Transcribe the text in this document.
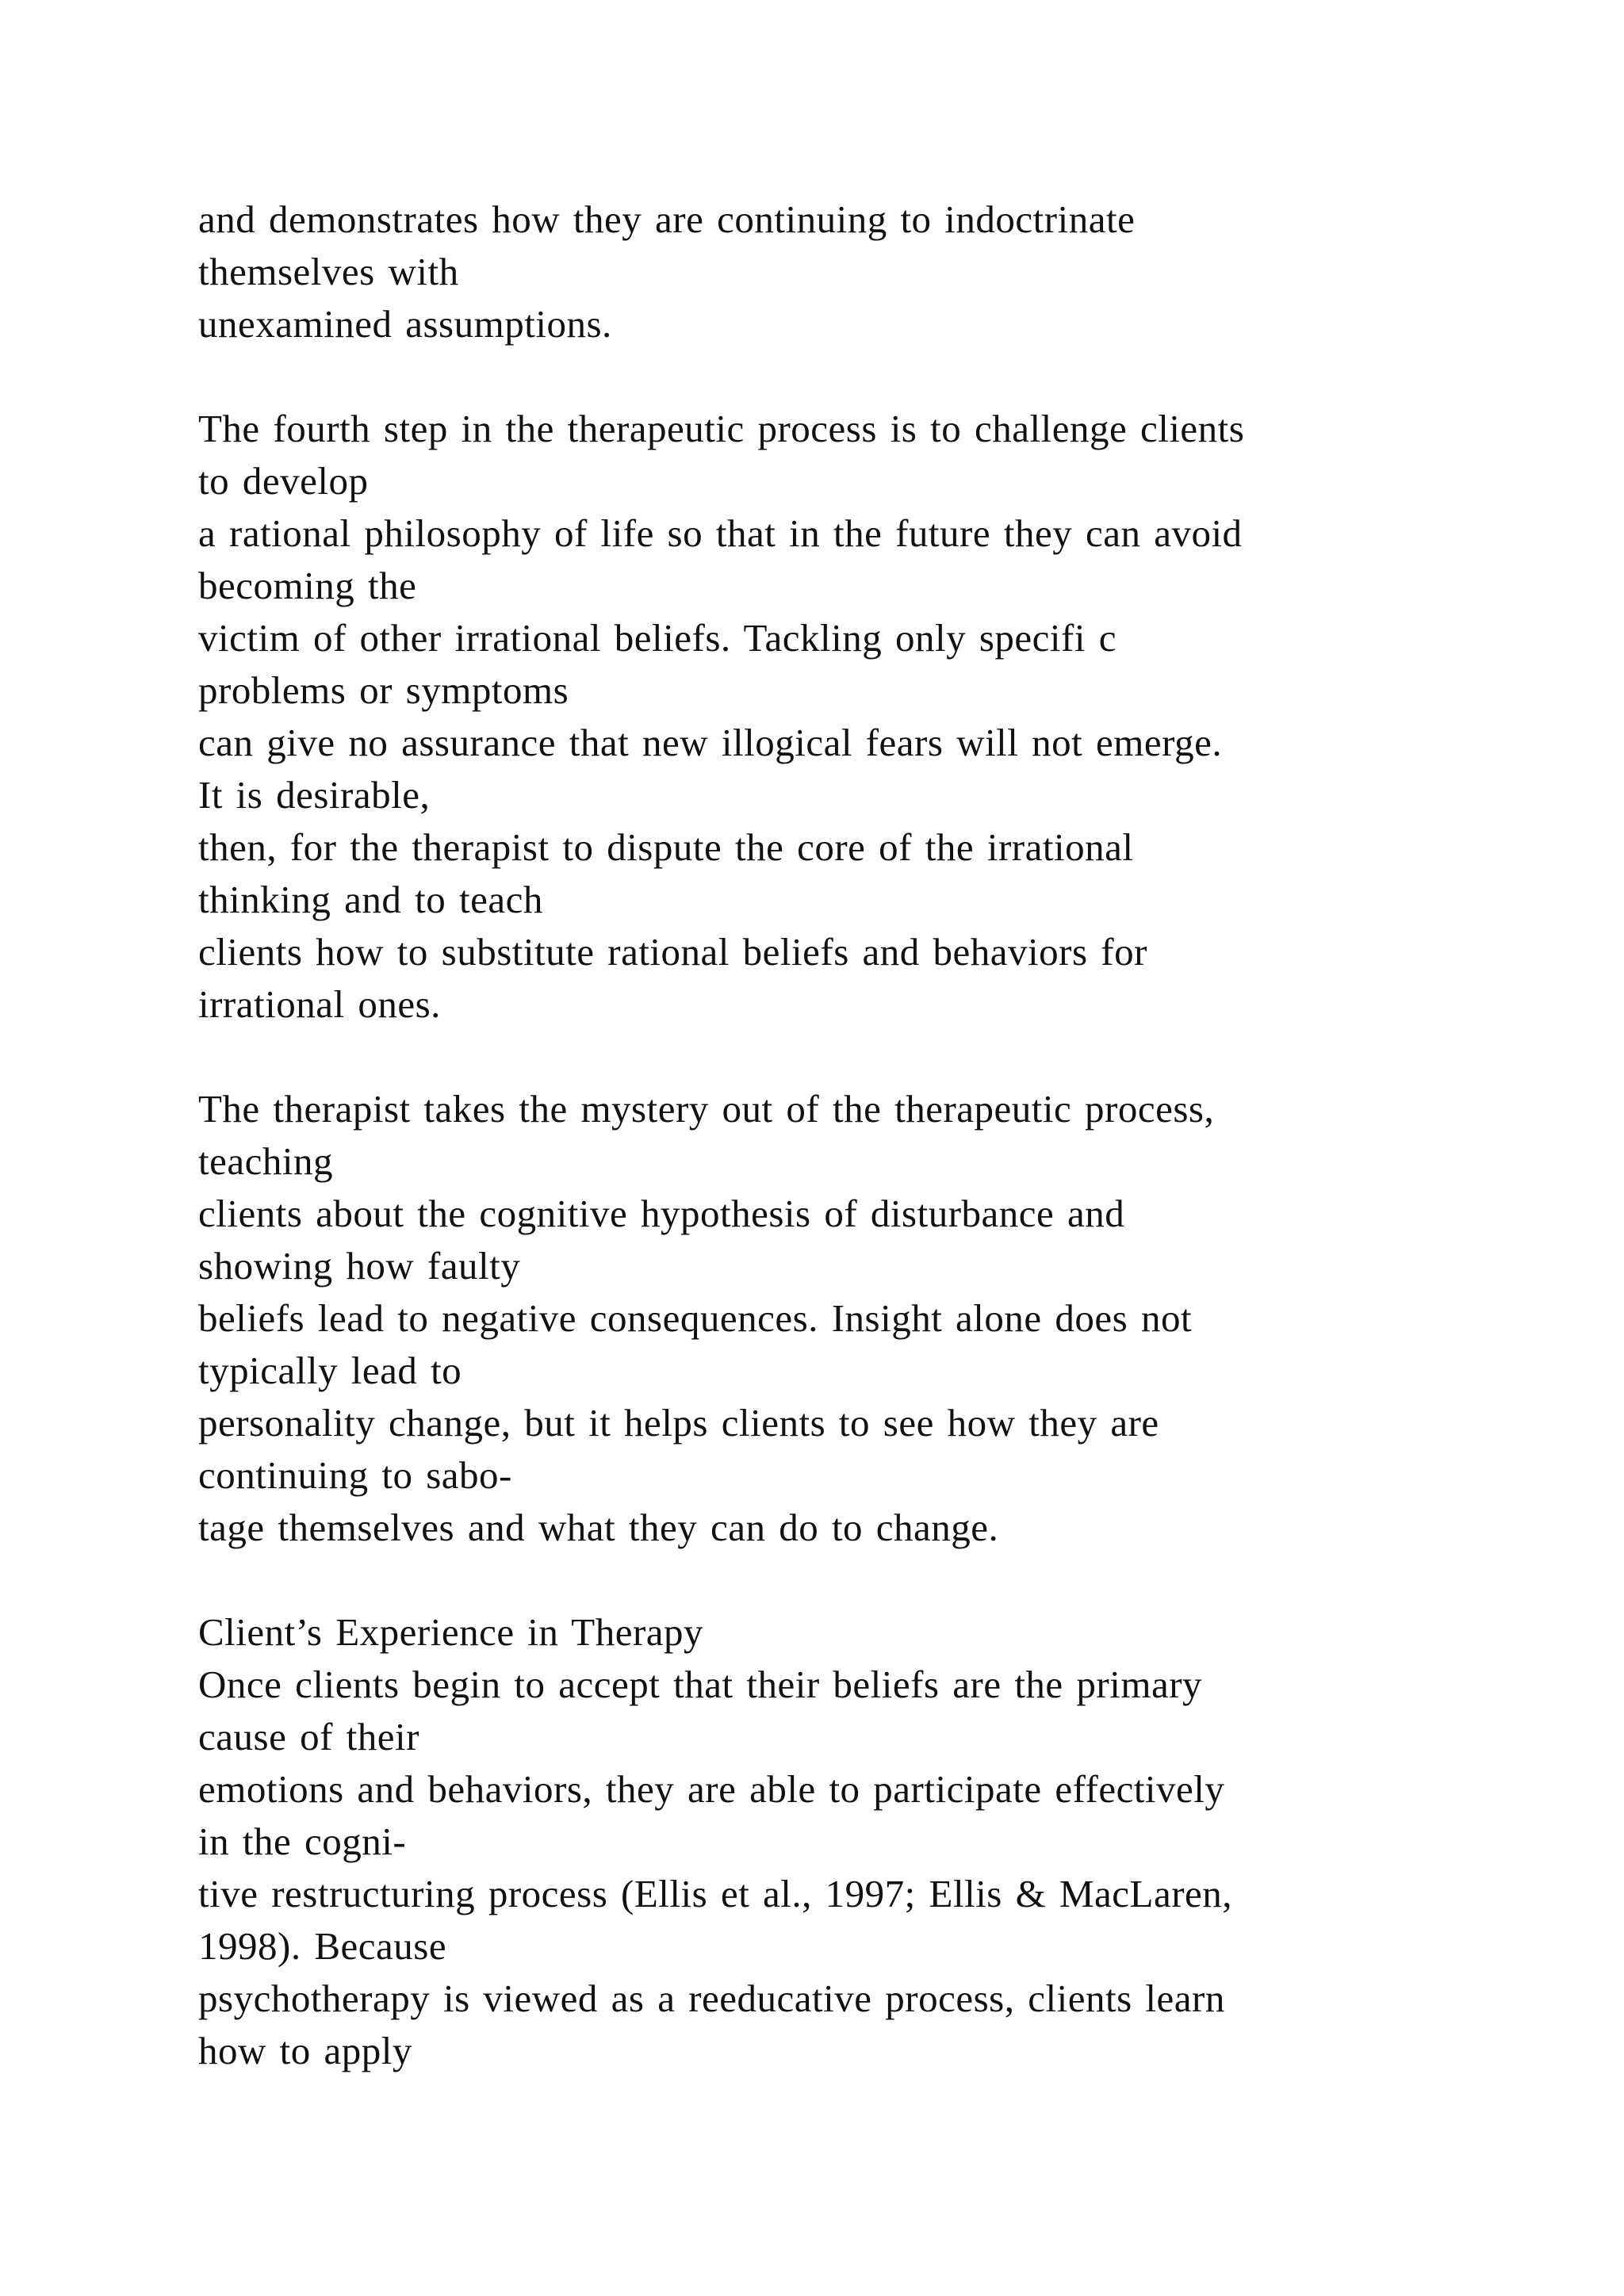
and demonstrates how they are continuing to indoctrinate
themselves with
unexamined assumptions.
The fourth step in the therapeutic process is to challenge clients
to develop
a rational philosophy of life so that in the future they can avoid
becoming the
victim of other irrational beliefs. Tackling only specifi c
problems or symptoms
can give no assurance that new illogical fears will not emerge.
It is desirable,
then, for the therapist to dispute the core of the irrational
thinking and to teach
clients how to substitute rational beliefs and behaviors for
irrational ones.
The therapist takes the mystery out of the therapeutic process,
teaching
clients about the cognitive hypothesis of disturbance and
showing how faulty
beliefs lead to negative consequences. Insight alone does not
typically lead to
personality change, but it helps clients to see how they are
continuing to sabo-
tage themselves and what they can do to change.
Client’s Experience in Therapy
Once clients begin to accept that their beliefs are the primary
cause of their
emotions and behaviors, they are able to participate effectively
in the cogni-
tive restructuring process (Ellis et al., 1997; Ellis & MacLaren,
1998). Because
psychotherapy is viewed as a reeducative process, clients learn
how to apply
